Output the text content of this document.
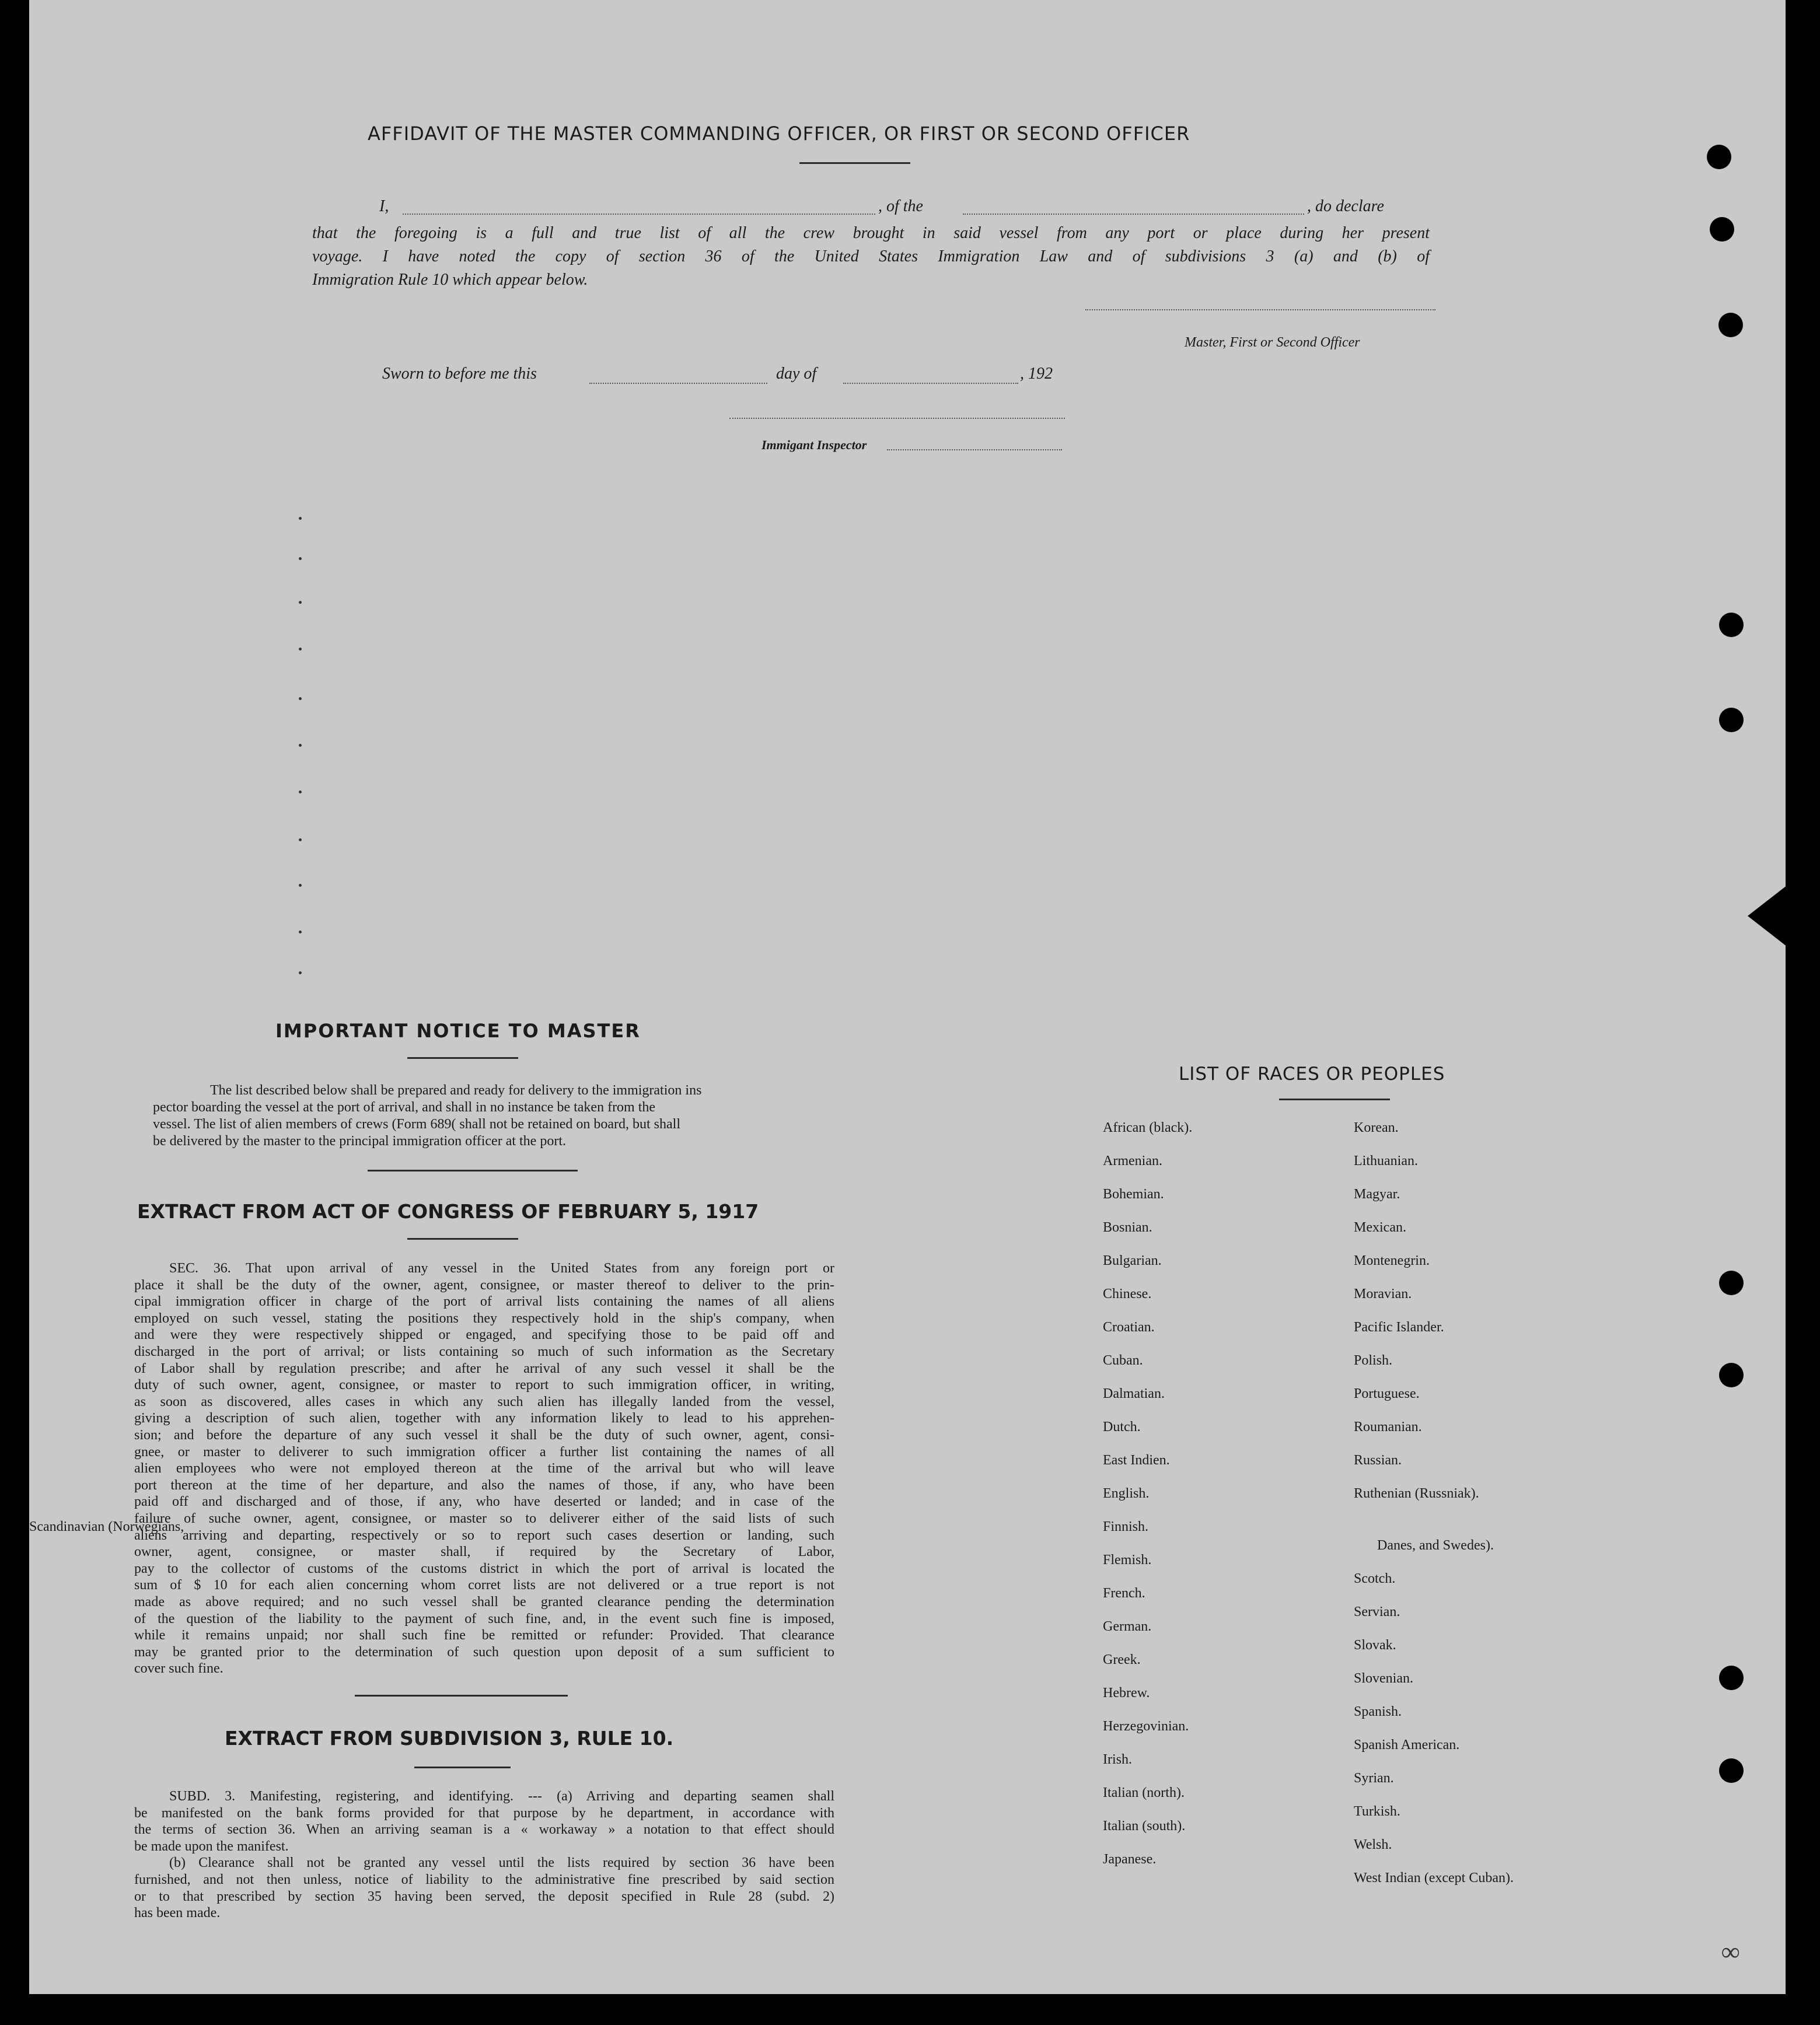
AFFIDAVIT OF THE MASTER COMMANDING OFFICER, OR FIRST OR SECOND OFFICER
I,	, of the	, do declare
that the foregoing is a full and true list of all the crew brought in said vessel from any port or place during her present
voyage. I have noted the copy of section 36 of the United States Immigration Law and of subdivisions 3 (a) and (b) of
Immigration Rule 10 which appear below.
Master, First or Second Officer
Sworn to before me this	day of	, 192
Immigant Inspector
IMPORTANT NOTICE TO MASTER
The list described below shall be prepared and ready for delivery to the immigration ins
pector boarding the vessel at the port of arrival, and shall in no instance be taken from the
vessel. The list of alien members of crews (Form 689( shall not be retained on board, but shall
be delivered by the master to the principal immigration officer at the port.
EXTRACT FROM ACT OF CONGRESS OF FEBRUARY 5, 1917
SEC. 36. That upon arrival of any vessel in the United States from any foreign port or
place it shall be the duty of the owner, agent, consignee, or master thereof to deliver to the prin-
cipal immigration officer in charge of the port of arrival lists containing the names of all aliens
employed on such vessel, stating the positions they respectively hold in the ship's company, when
and were they were respectively shipped or engaged, and specifying those to be paid off and
discharged in the port of arrival; or lists containing so much of such information as the Secretary
of Labor shall by regulation prescribe; and after he arrival of any such vessel it shall be the
duty of such owner, agent, consignee, or master to report to such immigration officer, in writing,
as soon as discovered, alles cases in which any such alien has illegally landed from the vessel,
giving a description of such alien, together with any information likely to lead to his apprehen-
sion; and before the departure of any such vessel it shall be the duty of such owner, agent, consi-
gnee, or master to deliverer to such immigration officer a further list containing the names of all
alien employees who were not employed thereon at the time of the arrival but who will leave
port thereon at the time of her departure, and also the names of those, if any, who have been
paid off and discharged and of those, if any, who have deserted or landed; and in case of the
failure of suche owner, agent, consignee, or master so to deliverer either of the said lists of such
aliens arriving and departing, respectively or so to report such cases desertion or landing, such
owner, agent, consignee, or master shall, if required by the Secretary of Labor,
pay to the collector of customs of the customs district in which the port of arrival is located the
sum of $ 10 for each alien concerning whom corret lists are not delivered or a true report is not
made as above required; and no such vessel shall be granted clearance pending the determination
of the question of the liability to the payment of such fine, and, in the event such fine is imposed,
while it remains unpaid; nor shall such fine be remitted or refunder: Provided. That clearance
may be granted prior to the determination of such question upon deposit of a sum sufficient to
cover such fine.
EXTRACT FROM SUBDIVISION 3, RULE 10.
SUBD. 3. Manifesting, registering, and identifying. --- (a) Arriving and departing seamen shall
be manifested on the bank forms provided for that purpose by he department, in accordance with
the terms of section 36. When an arriving seaman is a « workaway » a notation to that effect should
be made upon the manifest.
(b) Clearance shall not be granted any vessel until the lists required by section 36 have been
furnished, and not then unless, notice of liability to the administrative fine prescribed by said section
or to that prescribed by section 35 having been served, the deposit specified in Rule 28 (subd. 2)
has been made.
LIST OF RACES OR PEOPLES
African (black).
Armenian.
Bohemian.
Bosnian.
Bulgarian.
Chinese.
Croatian.
Cuban.
Dalmatian.
Dutch.
East Indien.
English.
Finnish.
Flemish.
French.
German.
Greek.
Hebrew.
Herzegovinian.
Irish.
Italian (north).
Italian (south).
Japanese.
Korean.
Lithuanian.
Magyar.
Mexican.
Montenegrin.
Moravian.
Pacific Islander.
Polish.
Portuguese.
Roumanian.
Russian.
Ruthenian (Russniak).
Scandinavian (Norwegians,
Danes, and Swedes).
Scotch.
Servian.
Slovak.
Slovenian.
Spanish.
Spanish American.
Syrian.
Turkish.
Welsh.
West Indian (except Cuban).
∞
